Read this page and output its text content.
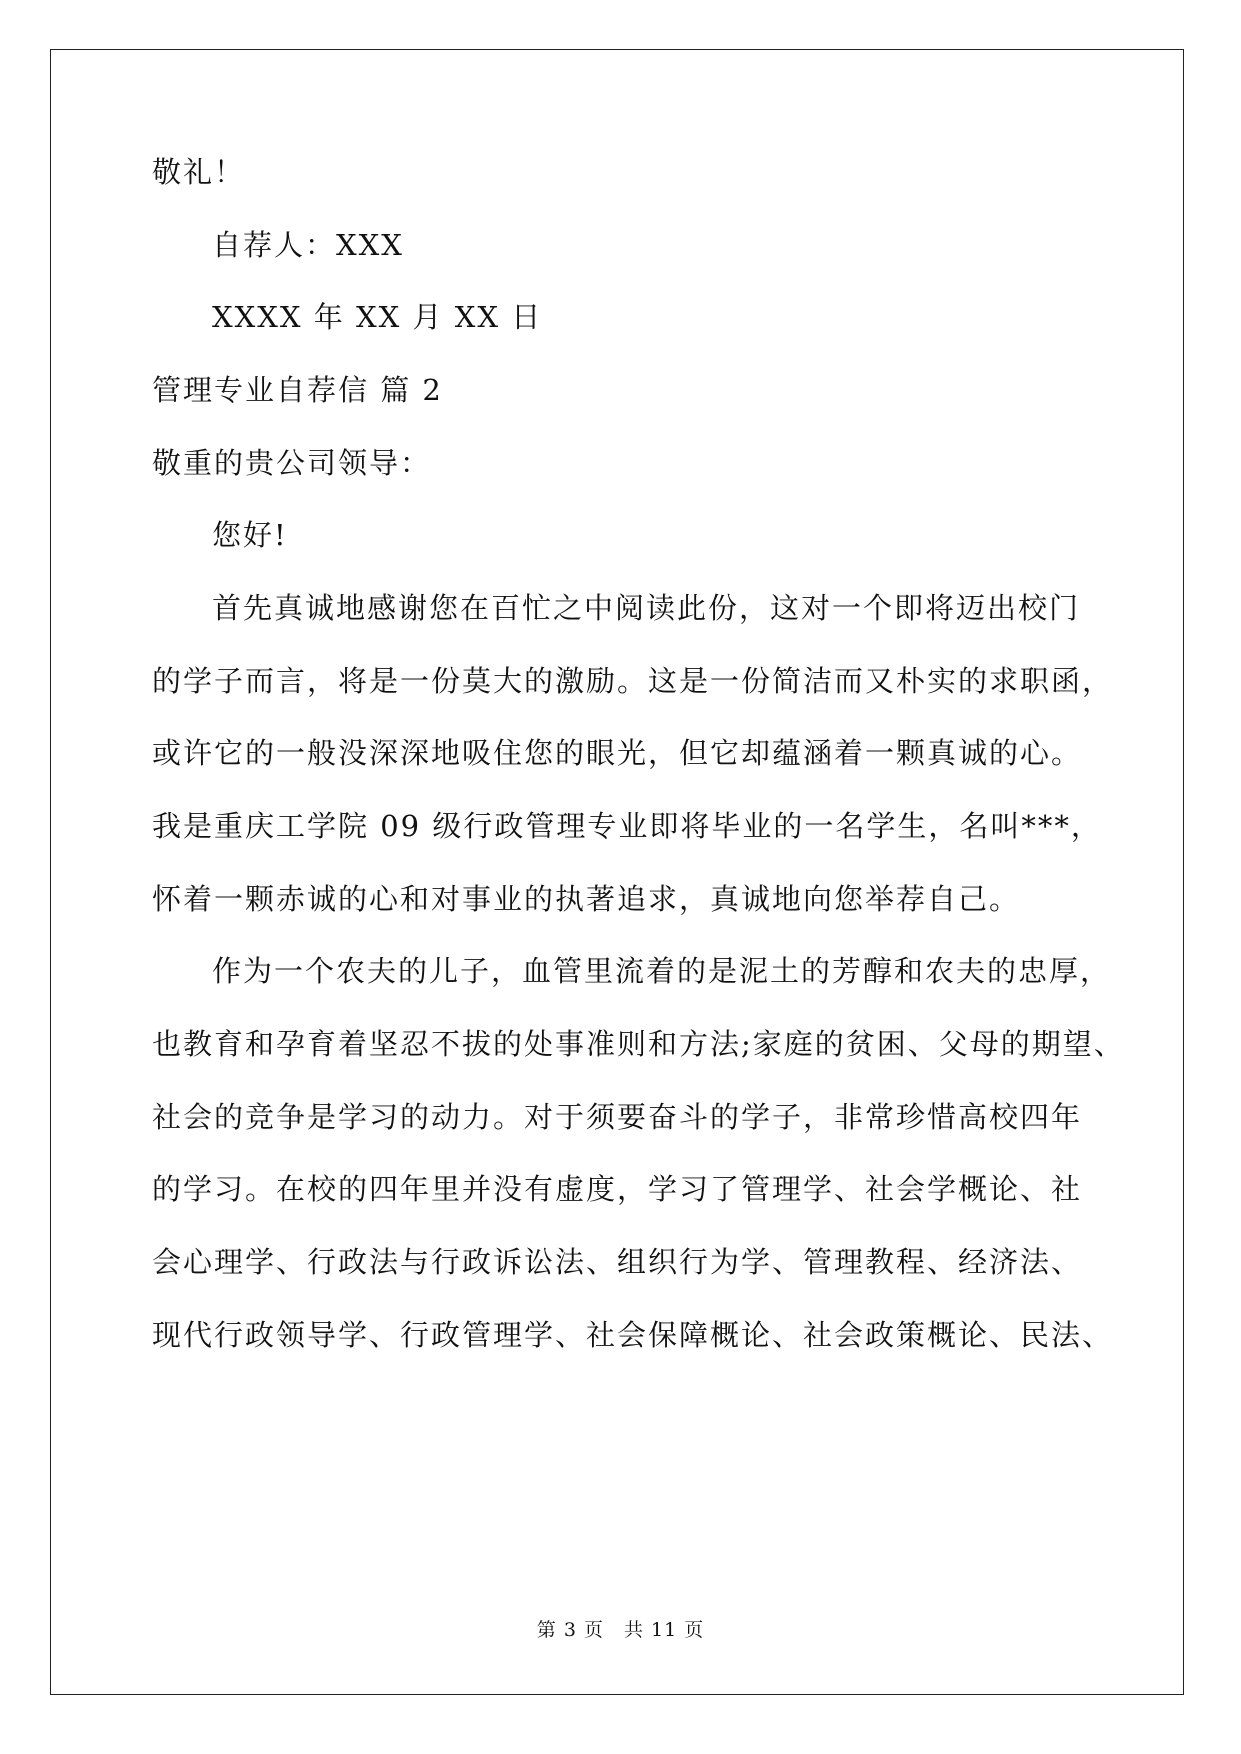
敬礼！
自荐人：XXX
XXXX 年 XX 月 XX 日
管理专业自荐信 篇 2
敬重的贵公司领导：
您好!
首先真诚地感谢您在百忙之中阅读此份，这对一个即将迈出校门
的学子而言，将是一份莫大的激励。这是一份简洁而又朴实的求职函，
或许它的一般没深深地吸住您的眼光，但它却蕴涵着一颗真诚的心。
我是重庆工学院 09 级行政管理专业即将毕业的一名学生，名叫***，
怀着一颗赤诚的心和对事业的执著追求，真诚地向您举荐自己。
作为一个农夫的儿子，血管里流着的是泥土的芳醇和农夫的忠厚，
也教育和孕育着坚忍不拔的处事准则和方法;家庭的贫困、父母的期望、
社会的竞争是学习的动力。对于须要奋斗的学子，非常珍惜高校四年
的学习。在校的四年里并没有虚度，学习了管理学、社会学概论、社
会心理学、行政法与行政诉讼法、组织行为学、管理教程、经济法、
现代行政领导学、行政管理学、社会保障概论、社会政策概论、民法、
第 3 页　共 11 页
